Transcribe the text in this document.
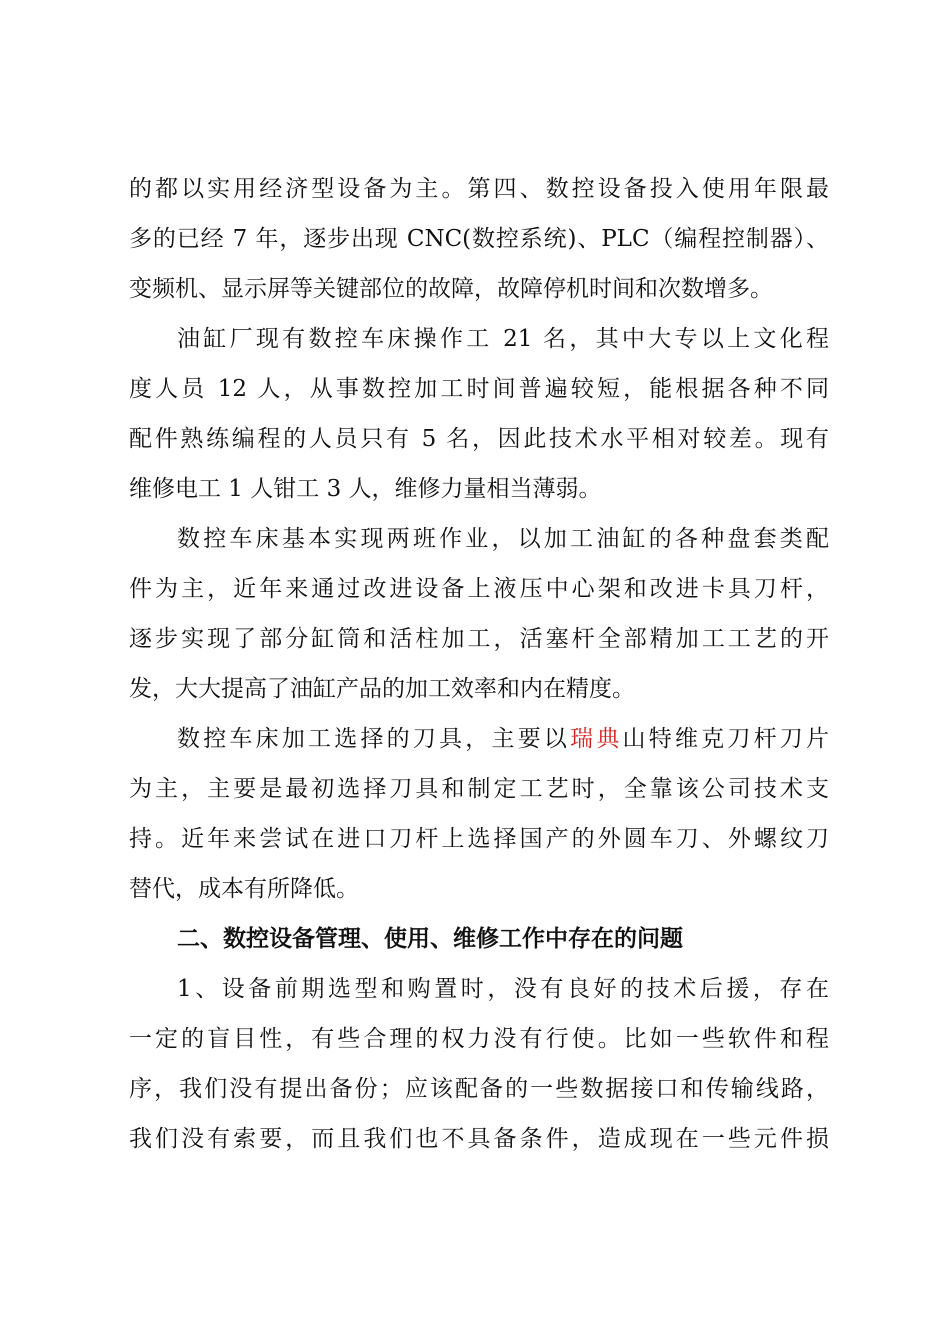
的都以实用经济型设备为主。第四、数控设备投入使用年限最
多的已经 7 年，逐步出现 CNC(数控系统)、PLC（编程控制器）、
变频机、显示屏等关键部位的故障，故障停机时间和次数增多。
油缸厂现有数控车床操作工 21 名，其中大专以上文化程
度人员 12 人，从事数控加工时间普遍较短，能根据各种不同
配件熟练编程的人员只有 5 名，因此技术水平相对较差。现有
维修电工 1 人钳工 3 人，维修力量相当薄弱。
数控车床基本实现两班作业，以加工油缸的各种盘套类配
件为主，近年来通过改进设备上液压中心架和改进卡具刀杆，
逐步实现了部分缸筒和活柱加工，活塞杆全部精加工工艺的开
发，大大提高了油缸产品的加工效率和内在精度。
数控车床加工选择的刀具，主要以瑞典山特维克刀杆刀片
为主，主要是最初选择刀具和制定工艺时，全靠该公司技术支
持。近年来尝试在进口刀杆上选择国产的外圆车刀、外螺纹刀
替代，成本有所降低。
二、数控设备管理、使用、维修工作中存在的问题
1、设备前期选型和购置时，没有良好的技术后援，存在
一定的盲目性，有些合理的权力没有行使。比如一些软件和程
序，我们没有提出备份；应该配备的一些数据接口和传输线路，
我们没有索要，而且我们也不具备条件，造成现在一些元件损
